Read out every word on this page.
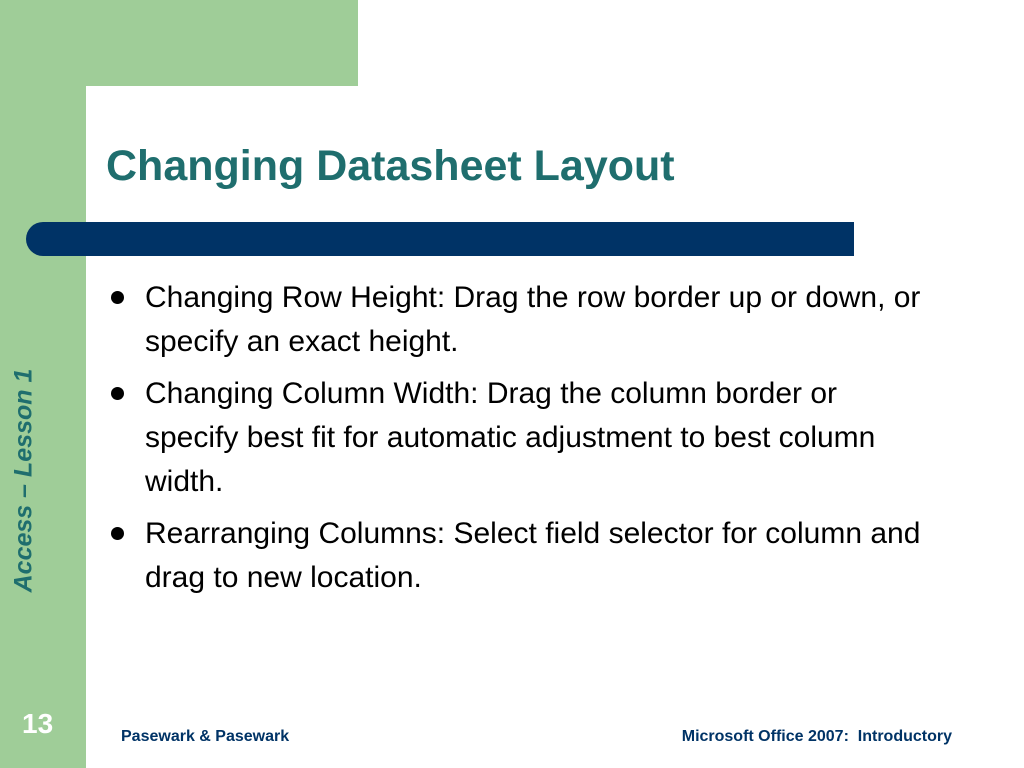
Access – Lesson 1
Changing Datasheet Layout
Changing Row Height: Drag the row border up or down, or specify an exact height.
Changing Column Width: Drag the column border or specify best fit for automatic adjustment to best column width.
Rearranging Columns: Select field selector for column and drag to new location.
13	Pasewark & Pasewark	Microsoft Office 2007:  Introductory
